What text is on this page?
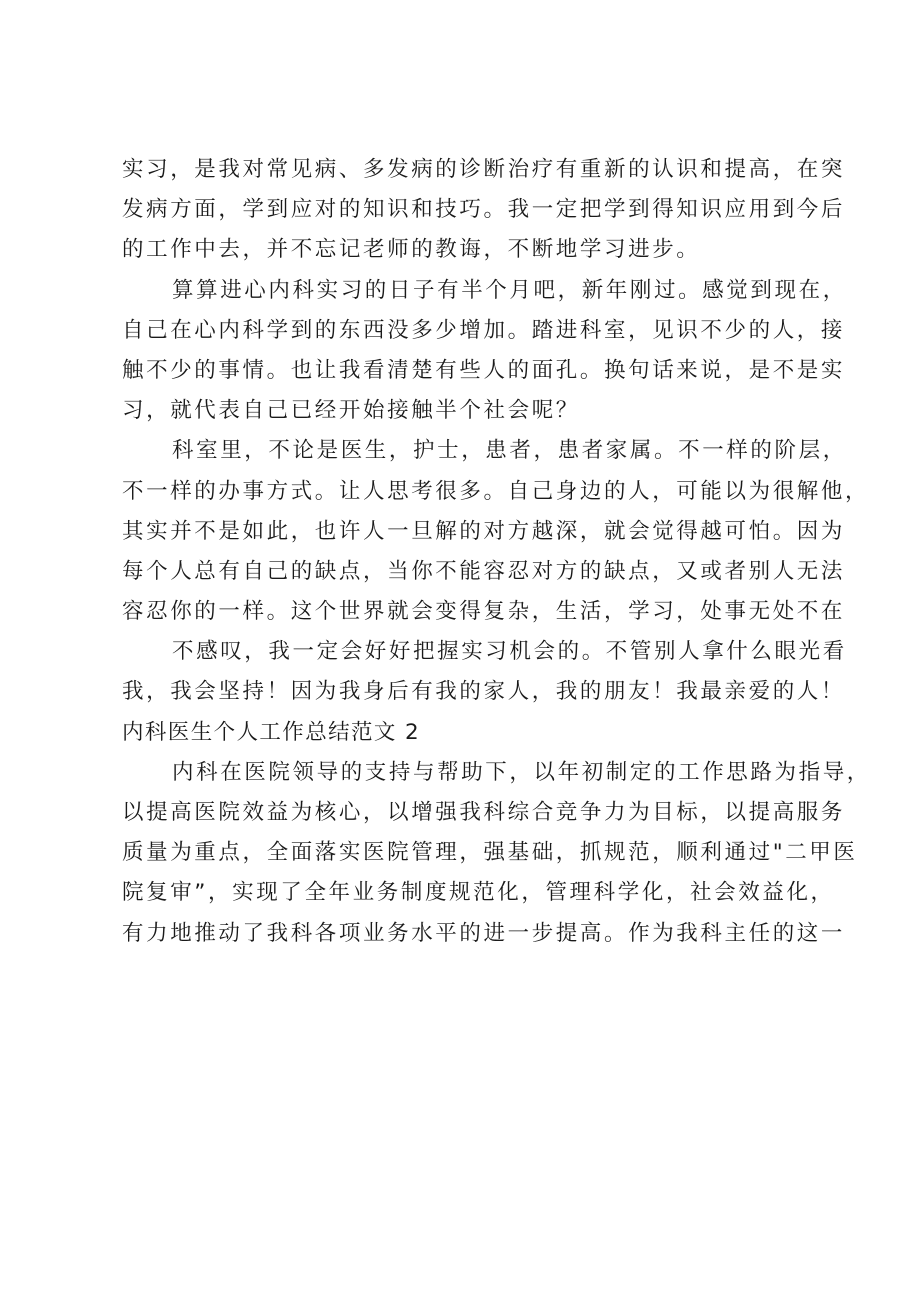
实习，是我对常见病、多发病的诊断治疗有重新的认识和提高，在突
发病方面，学到应对的知识和技巧。我一定把学到得知识应用到今后
的工作中去，并不忘记老师的教诲，不断地学习进步。
算算进心内科实习的日子有半个月吧，新年刚过。感觉到现在，
自己在心内科学到的东西没多少增加。踏进科室，见识不少的人，接
触不少的事情。也让我看清楚有些人的面孔。换句话来说，是不是实
习，就代表自己已经开始接触半个社会呢？
科室里，不论是医生，护士，患者，患者家属。不一样的阶层，
不一样的办事方式。让人思考很多。自己身边的人，可能以为很解他，
其实并不是如此，也许人一旦解的对方越深，就会觉得越可怕。因为
每个人总有自己的缺点，当你不能容忍对方的缺点，又或者别人无法
容忍你的一样。这个世界就会变得复杂，生活，学习，处事无处不在
不感叹，我一定会好好把握实习机会的。不管别人拿什么眼光看
我，我会坚持！因为我身后有我的家人，我的朋友！我最亲爱的人！
内科医生个人工作总结范文 2
内科在医院领导的支持与帮助下，以年初制定的工作思路为指导，
以提高医院效益为核心，以增强我科综合竞争力为目标，以提高服务
质量为重点，全面落实医院管理，强基础，抓规范，顺利通过"二甲医
院复审”，实现了全年业务制度规范化，管理科学化，社会效益化，
有力地推动了我科各项业务水平的进一步提高。作为我科主任的这一
